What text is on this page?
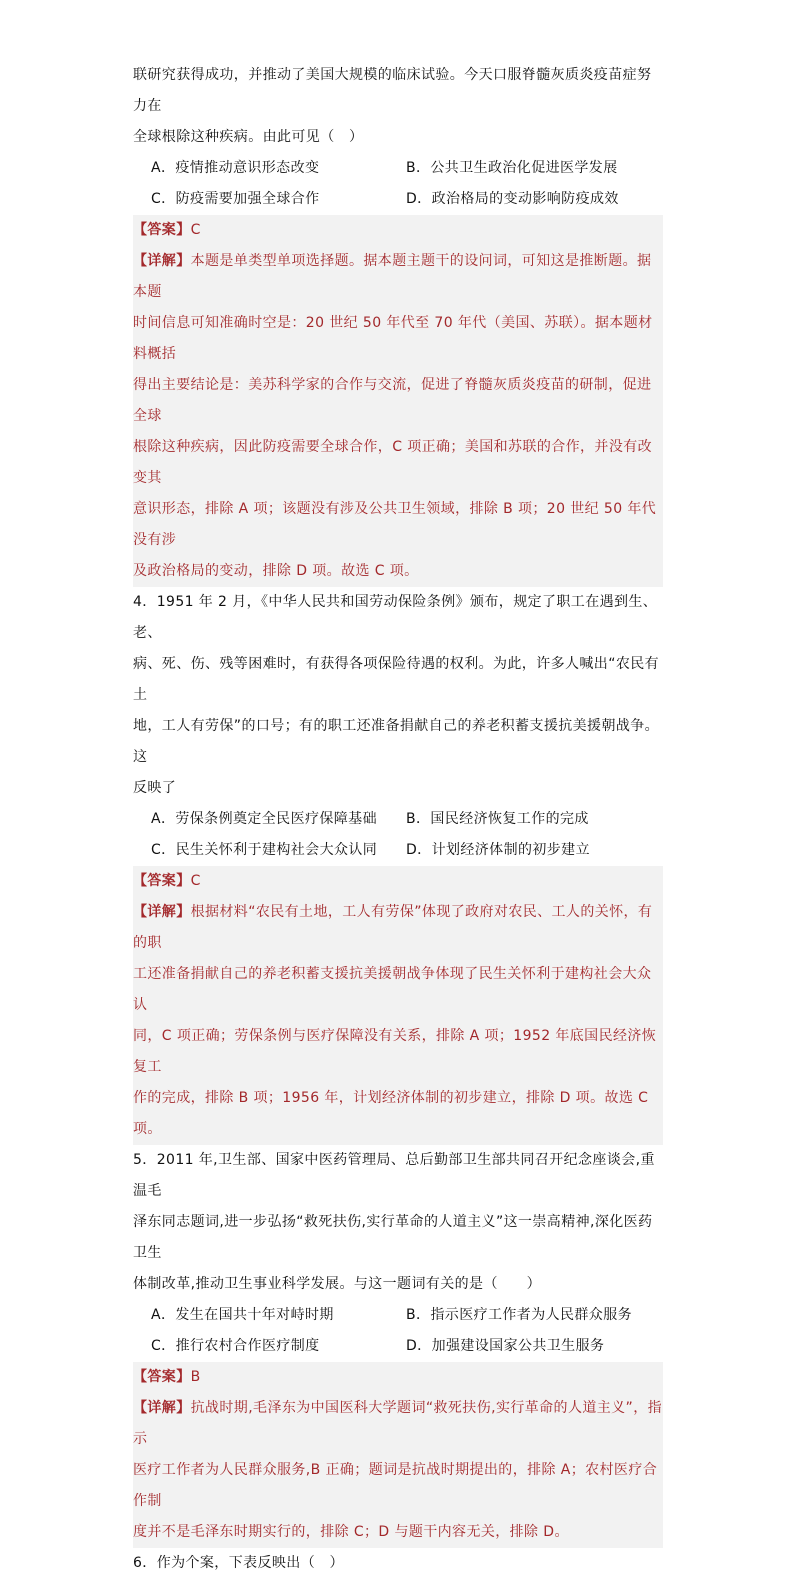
联研究获得成功，并推动了美国大规模的临床试验。今天口服脊髓灰质炎疫苗症努力在

全球根除这种疾病。由此可见（　）

A．疫情推动意识形态改变	B．公共卫生政治化促进医学发展
C．防疫需要加强全球合作	D．政治格局的变动影响防疫成效

【答案】C

【详解】本题是单类型单项选择题。据本题主题干的设问词，可知这是推断题。据本题

时间信息可知准确时空是：20 世纪 50 年代至 70 年代（美国、苏联）。据本题材料概括

得出主要结论是：美苏科学家的合作与交流，促进了脊髓灰质炎疫苗的研制，促进全球

根除这种疾病，因此防疫需要全球合作，C 项正确；美国和苏联的合作，并没有改变其

意识形态，排除 A 项；该题没有涉及公共卫生领域，排除 B 项；20 世纪 50 年代没有涉

及政治格局的变动，排除 D 项。故选 C 项。

4．1951 年 2 月，《中华人民共和国劳动保险条例》颁布，规定了职工在遇到生、老、

病、死、伤、残等困难时，有获得各项保险待遇的权利。为此，许多人喊出“农民有土

地，工人有劳保”的口号；有的职工还准备捐献自己的养老积蓄支援抗美援朝战争。这

反映了

A．劳保条例奠定全民医疗保障基础	B．国民经济恢复工作的完成
C．民生关怀利于建构社会大众认同	D．计划经济体制的初步建立

【答案】C

【详解】根据材料“农民有土地，工人有劳保”体现了政府对农民、工人的关怀，有的职

工还准备捐献自己的养老积蓄支援抗美援朝战争体现了民生关怀利于建构社会大众认

同，C 项正确；劳保条例与医疗保障没有关系，排除 A 项；1952 年底国民经济恢复工

作的完成，排除 B 项；1956 年，计划经济体制的初步建立，排除 D 项。故选 C 项。

5．2011 年,卫生部、国家中医药管理局、总后勤部卫生部共同召开纪念座谈会,重温毛

泽东同志题词,进一步弘扬“救死扶伤,实行革命的人道主义”这一崇高精神,深化医药卫生

体制改革,推动卫生事业科学发展。与这一题词有关的是（　　）

A．发生在国共十年对峙时期	B．指示医疗工作者为人民群众服务
C．推行农村合作医疗制度	D．加强建设国家公共卫生服务

【答案】B

【详解】抗战时期,毛泽东为中国医科大学题词“救死扶伤,实行革命的人道主义”，指示

医疗工作者为人民群众服务,B 正确；题词是抗战时期提出的，排除 A；农村医疗合作制

度并不是毛泽东时期实行的，排除 C；D 与题干内容无关，排除 D。

6．作为个案，下表反映出（　）
